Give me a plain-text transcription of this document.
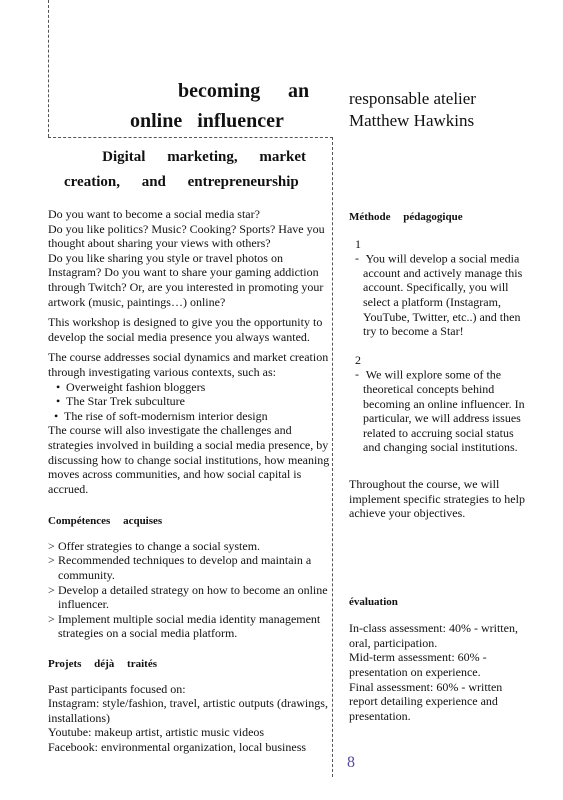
becoming an
online   influencer
responsable atelier
Matthew Hawkins
Digital marketing, market
creation, and entrepreneurship

Do you want to become a social media star?
Do you like politics? Music? Cooking? Sports? Have you thought about sharing your views with others?
Do you like sharing you style or travel photos on Instagram? Do you want to share your gaming addiction through Twitch? Or, are you interested in promoting your artwork (music, paintings…) online?

This workshop is designed to give you the opportunity to develop the social media presence you always wanted.

The course addresses social dynamics and market creation through investigating various contexts, such as:

• Overweight fashion bloggers
• The Star Trek subculture
• The rise of soft-modernism interior design

The course will also investigate the challenges and strategies involved in building a social media presence, by discussing how to change social institutions, how meaning moves across communities, and how social capital is accrued.

Compétences acquises

> Offer strategies to change a social system.
> Recommended techniques to develop and maintain a community.
> Develop a detailed strategy on how to become an online influencer.
> Implement multiple social media identity management strategies on a social media platform.

Projets déjà traités

Past participants focused on:
Instagram: style/fashion, travel, artistic outputs (drawings, installations)
Youtube: makeup artist, artistic music videos
Facebook: environmental organization, local business

Méthode pédagogique

1 - You will develop a social media account and actively manage this account. Specifically, you will select a platform (Instagram, YouTube, Twitter, etc..) and then try to become a Star!

2 - We will explore some of the theoretical concepts behind becoming an online influencer. In particular, we will address issues related to accruing social status and changing social institutions.

Throughout the course, we will implement specific strategies to help achieve your objectives.

évaluation

In-class assessment: 40% - written, oral, participation.
Mid-term assessment: 60% - presentation on experience.
Final assessment: 60% - written report detailing experience and presentation.
8
